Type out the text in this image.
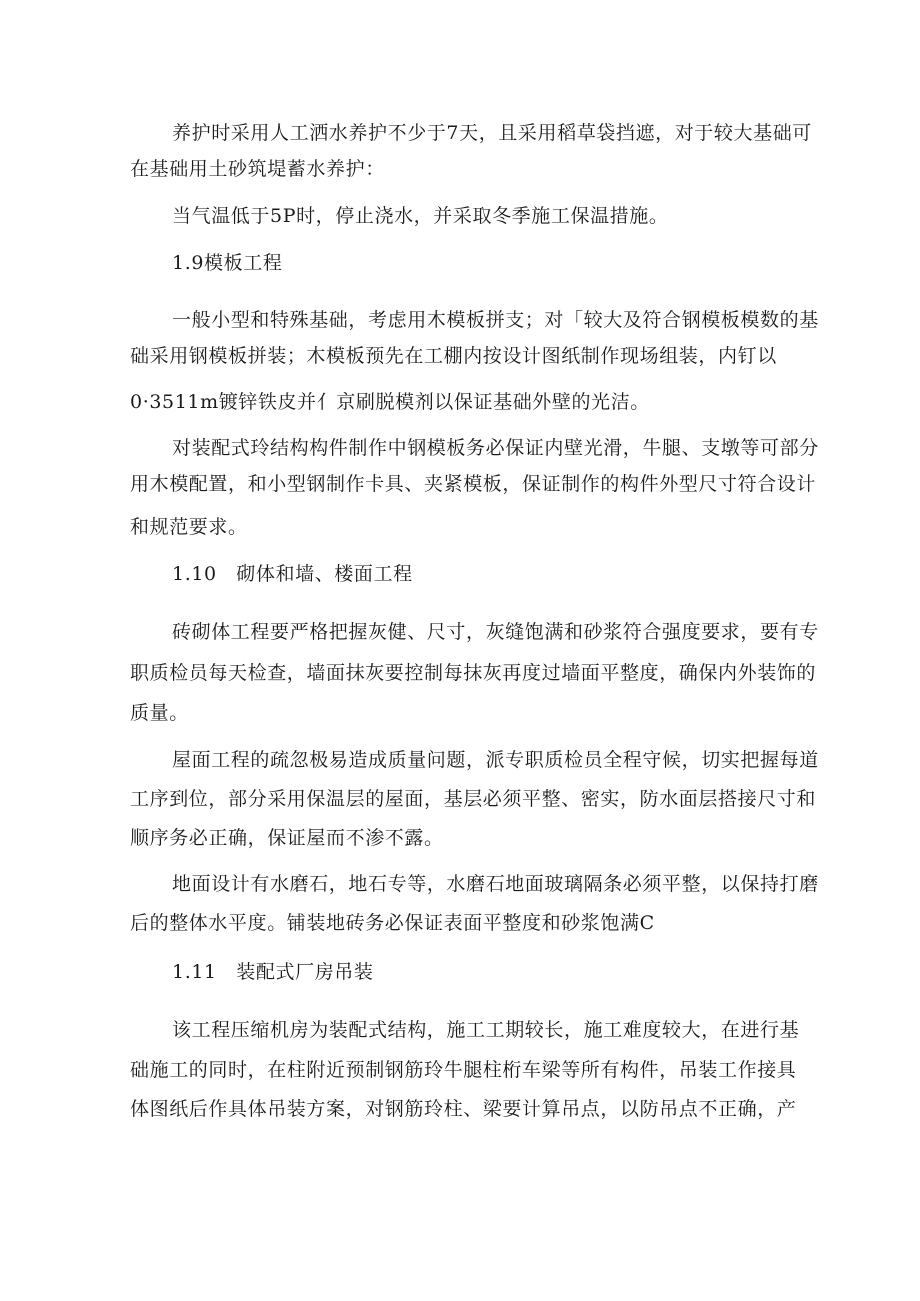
养护时采用人工洒水养护不少于7天，且采用稻草袋挡遮，对于较大基础可
在基础用土砂筑堤蓄水养护：
当气温低于5P时，停止浇水，并采取冬季施工保温措施。
1.9模板工程
一般小型和特殊基础，考虑用木模板拼支；对「较大及符合钢模板模数的基
础采用钢模板拼装；木模板预先在工棚内按设计图纸制作现场组装，内钉以
0·3511m镀锌铁皮并亻京刷脱模剂以保证基础外壁的光洁。
对装配式玲结构构件制作中钢模板务必保证内壁光滑，牛腿、支墩等可部分
用木模配置，和小型钢制作卡具、夹紧模板，保证制作的构件外型尺寸符合设计
和规范要求。
1.10　砌体和墙、楼面工程
砖砌体工程要严格把握灰健、尺寸，灰缝饱满和砂浆符合强度要求，要有专
职质检员每天检查，墙面抹灰要控制每抹灰再度过墙面平整度，确保内外装饰的
质量。
屋面工程的疏忽极易造成质量问题，派专职质检员全程守候，切实把握每道
工序到位，部分采用保温层的屋面，基层必须平整、密实，防水面层搭接尺寸和
顺序务必正确，保证屋而不渗不露。
地面设计有水磨石，地石专等，水磨石地面玻璃隔条必须平整，以保持打磨
后的整体水平度。铺装地砖务必保证表面平整度和砂浆饱满C
1.11　装配式厂房吊装
该工程压缩机房为装配式结构，施工工期较长，施工难度较大，在进行基
础施工的同时，在柱附近预制钢筋玲牛腿柱桁车梁等所有构件，吊装工作接具
体图纸后作具体吊装方案，对钢筋玲柱、梁要计算吊点，以防吊点不正确，产
